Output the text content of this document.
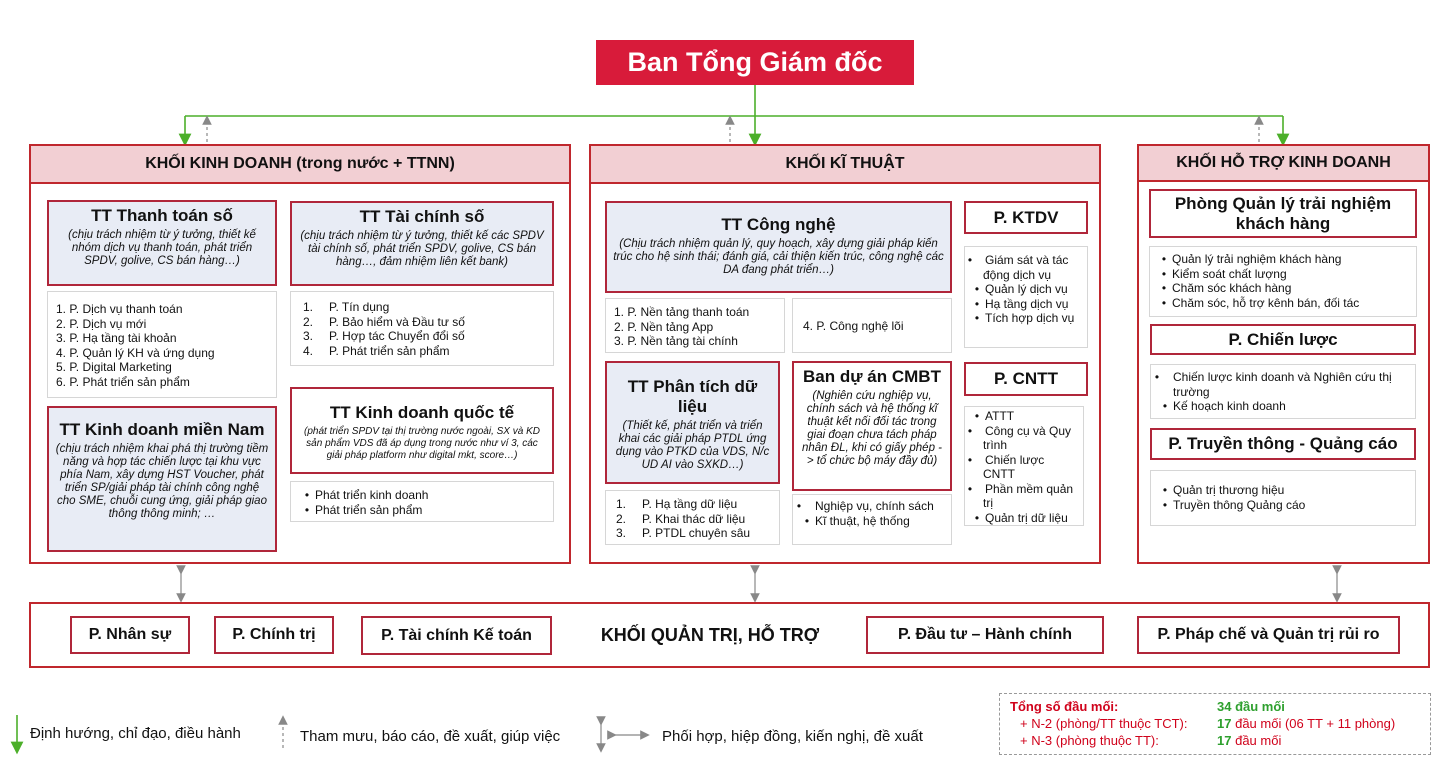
Ban Tổng Giám đốc
KHỐI KINH DOANH (trong nước + TTNN)
TT Thanh toán số
(chịu trách nhiệm từ ý tưởng, thiết kế nhóm dịch vụ thanh toán, phát triển SPDV, golive, CS bán hàng…)
1. P. Dịch vụ thanh toán
2. P. Dịch vụ mới
3. P. Hạ tầng tài khoản
4. P. Quản lý KH và ứng dụng
5. P. Digital Marketing
6. P. Phát triển sản phẩm
TT Tài chính số
(chịu trách nhiệm từ ý tưởng, thiết kế các SPDV tài chính số, phát triển SPDV, golive, CS bán hàng…, đảm nhiệm liên kết bank)
1. P. Tín dụng
2. P. Bảo hiểm và Đầu tư số
3. P. Hợp tác Chuyển đổi số
4. P. Phát triển sản phẩm
TT Kinh doanh miền Nam
(chịu trách nhiệm khai phá thị trường tiềm năng và hợp tác chiến lược tại khu vực phía Nam, xây dựng HST Voucher, phát triển SP/giải pháp tài chính công nghệ cho SME, chuỗi cung ứng, giải pháp giao thông thông minh; …
TT Kinh doanh quốc tế
(phát triển SPDV tại thị trường nước ngoài, SX và KD sản phẩm VDS đã áp dụng trong nước như ví 3, các giải pháp platform như digital mkt, score…)
• Phát triển kinh doanh
• Phát triển sản phẩm
KHỐI KĨ THUẬT
TT Công nghệ
(Chịu trách nhiệm quản lý, quy hoạch, xây dựng giải pháp kiến trúc cho hệ sinh thái; đánh giá, cải thiện kiến trúc, công nghệ các DA đang phát triển…)
1. P. Nền tảng thanh toán
2. P. Nền tảng App
3. P. Nền tảng tài chính
4. P. Công nghệ lõi
TT Phân tích dữ liệu
(Thiết kế, phát triển và triển khai các giải pháp PTDL ứng dụng vào PTKD của VDS, N/c UD AI vào SXKD…)
1. P. Hạ tầng dữ liệu
2. P. Khai thác dữ liệu
3. P. PTDL chuyên sâu
Ban dự án CMBT
(Nghiên cứu nghiệp vụ, chính sách và hệ thống kĩ thuật kết nối đối tác trong giai đoạn chưa tách pháp nhân ĐL, khi có giấy phép -> tổ chức bộ máy đầy đủ)
• Nghiệp vụ, chính sách
• Kĩ thuật, hệ thống
P. KTDV
• Giám sát và tác động dịch vụ
• Quản lý dịch vụ
• Hạ tầng dịch vụ
• Tích hợp dịch vụ
P. CNTT
• ATTT
• Công cụ và Quy trình
• Chiến lược CNTT
• Phần mềm quản trị
• Quản trị dữ liệu
KHỐI HỖ TRỢ KINH DOANH
Phòng Quản lý trải nghiệm khách hàng
• Quản lý trải nghiệm khách hàng
• Kiểm soát chất lượng
• Chăm sóc khách hàng
• Chăm sóc, hỗ trợ kênh bán, đối tác
P. Chiến lược
• Chiến lược kinh doanh và Nghiên cứu thị trường
• Kế hoạch kinh doanh
P. Truyền thông - Quảng cáo
• Quản trị thương hiệu
• Truyền thông Quảng cáo
P. Nhân sự	P. Chính trị	P. Tài chính Kế toán	KHỐI QUẢN TRỊ, HỖ TRỢ	P. Đầu tư – Hành chính	P. Pháp chế và Quản trị rủi ro
Định hướng, chỉ đạo, điều hành	Tham mưu, báo cáo, đề xuất, giúp việc	Phối hợp, hiệp đồng, kiến nghị, đề xuất
Tổng số đầu mối:	34 đầu mối
+ N-2 (phòng/TT thuộc TCT): 17 đầu mối (06 TT + 11 phòng)
+ N-3 (phòng thuộc TT):	17 đầu mối
